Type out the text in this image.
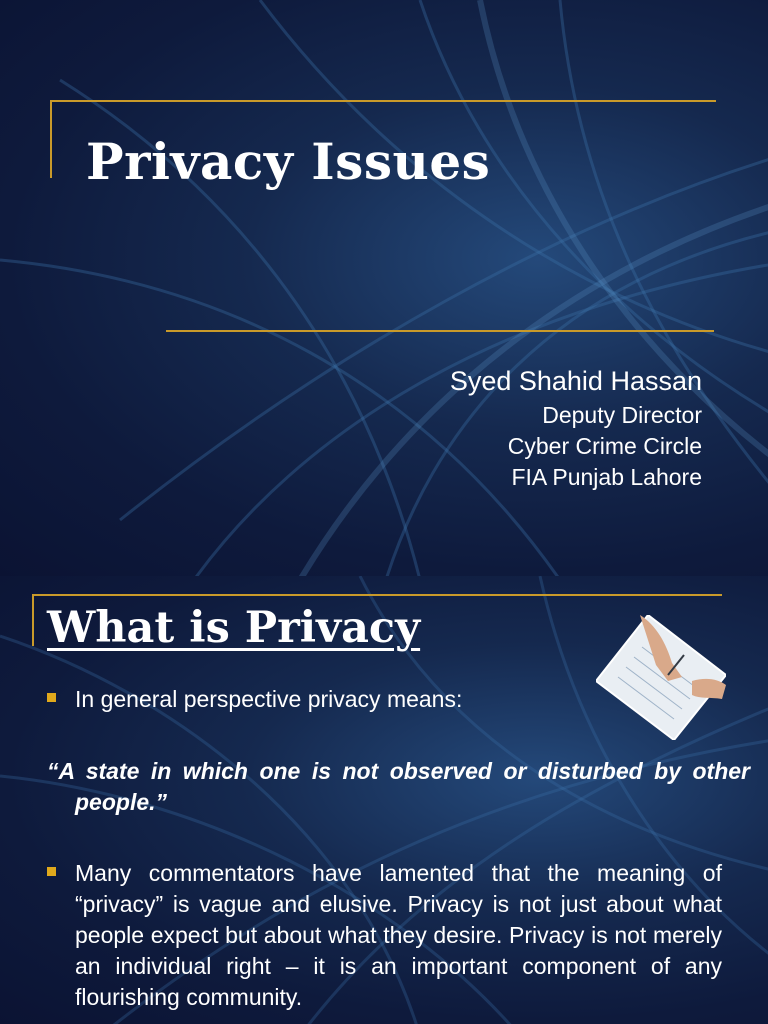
Privacy Issues
Syed Shahid Hassan
Deputy Director
Cyber Crime Circle
FIA Punjab Lahore
What is Privacy
In general perspective privacy means:
“A state in which one is not observed or disturbed by other people.”
Many commentators have lamented that the meaning of “privacy” is vague and elusive. Privacy is not just about what people expect but about what they desire. Privacy is not merely an individual right – it is an important component of any flourishing community.
